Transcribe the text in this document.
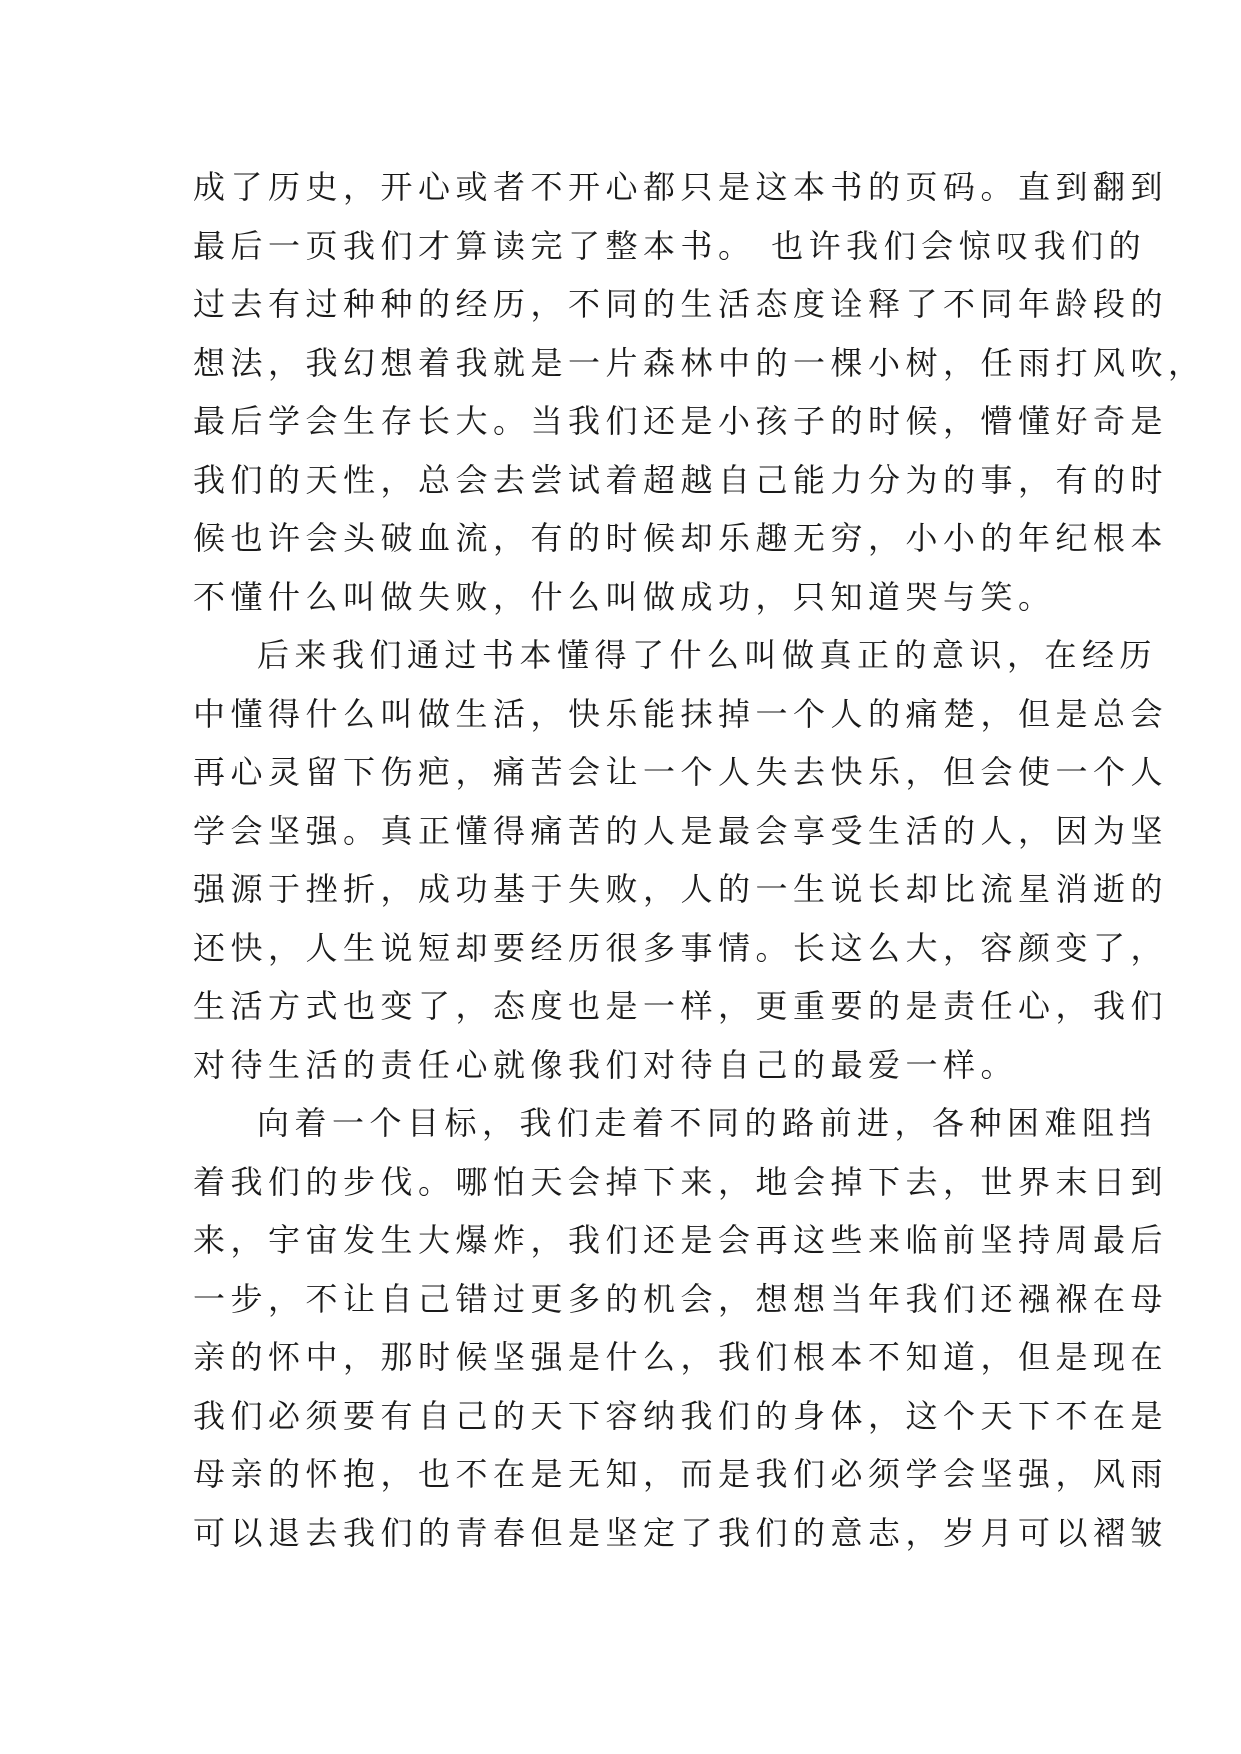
成了历史，开心或者不开心都只是这本书的页码。直到翻到
最后一页我们才算读完了整本书。 也许我们会惊叹我们的
过去有过种种的经历，不同的生活态度诠释了不同年龄段的
想法，我幻想着我就是一片森林中的一棵小树，任雨打风吹，
最后学会生存长大。当我们还是小孩子的时候，懵懂好奇是
我们的天性，总会去尝试着超越自己能力分为的事，有的时
候也许会头破血流，有的时候却乐趣无穷，小小的年纪根本
不懂什么叫做失败，什么叫做成功，只知道哭与笑。
后来我们通过书本懂得了什么叫做真正的意识，在经历
中懂得什么叫做生活，快乐能抹掉一个人的痛楚，但是总会
再心灵留下伤疤，痛苦会让一个人失去快乐，但会使一个人
学会坚强。真正懂得痛苦的人是最会享受生活的人，因为坚
强源于挫折，成功基于失败，人的一生说长却比流星消逝的
还快，人生说短却要经历很多事情。长这么大，容颜变了，
生活方式也变了，态度也是一样，更重要的是责任心，我们
对待生活的责任心就像我们对待自己的最爱一样。
向着一个目标，我们走着不同的路前进，各种困难阻挡
着我们的步伐。哪怕天会掉下来，地会掉下去，世界末日到
来，宇宙发生大爆炸，我们还是会再这些来临前坚持周最后
一步，不让自己错过更多的机会，想想当年我们还襁褓在母
亲的怀中，那时候坚强是什么，我们根本不知道，但是现在
我们必须要有自己的天下容纳我们的身体，这个天下不在是
母亲的怀抱，也不在是无知，而是我们必须学会坚强，风雨
可以退去我们的青春但是坚定了我们的意志，岁月可以褶皱
